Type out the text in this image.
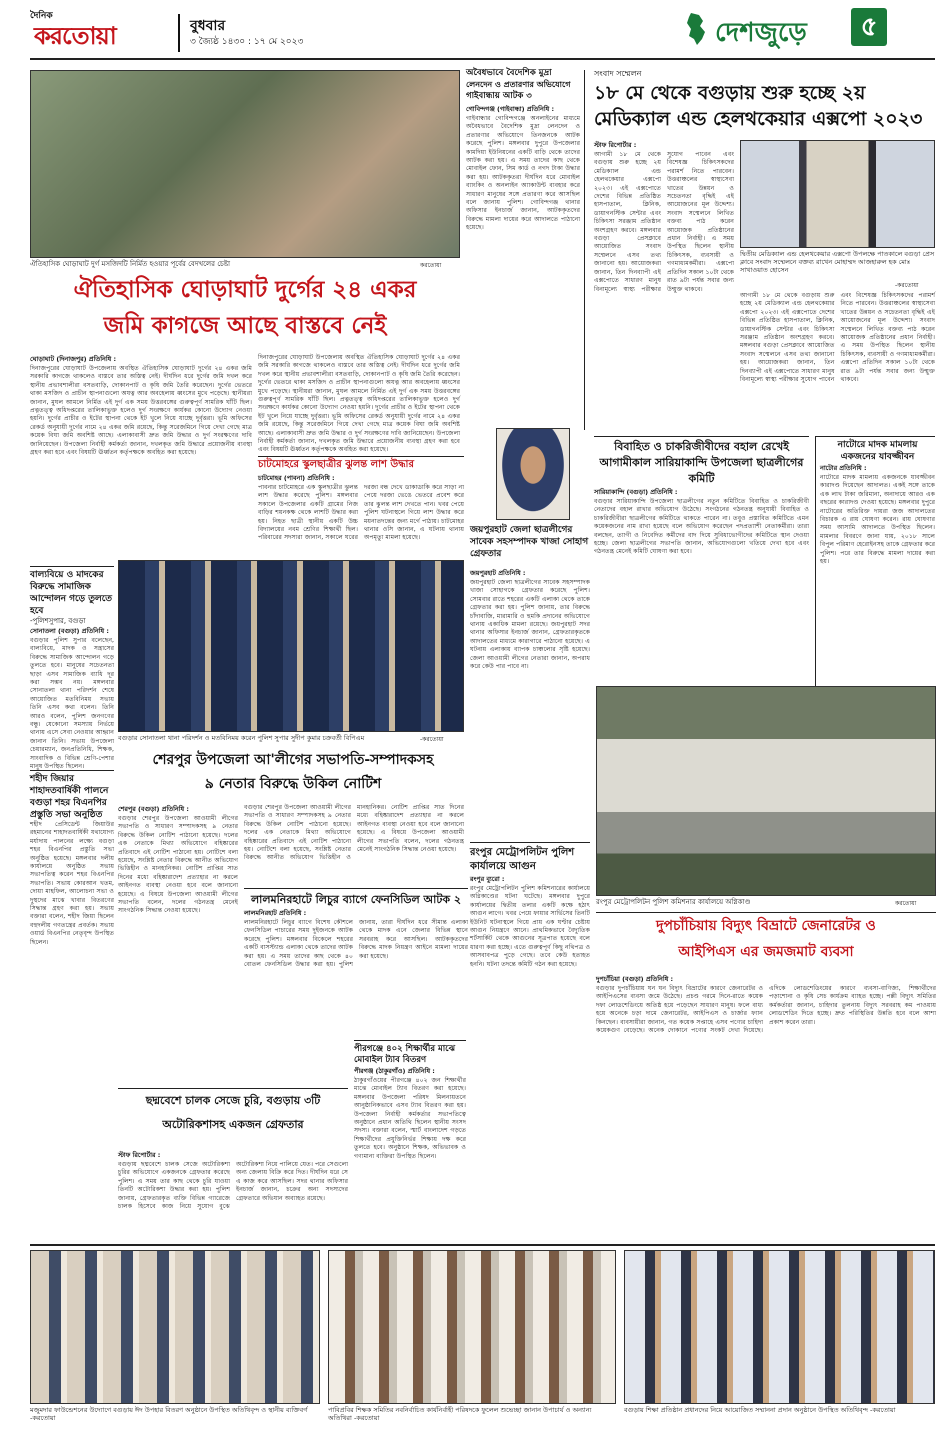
দৈনিক
করতোয়া	বুধবার
৩ জ্যৈষ্ঠ ১৪৩০ : ১৭ মে ২০২৩	দেশজুড়ে	৫
ঐতিহাসিক ঘোড়াঘাট দুর্গ মসজিদটি নির্মিত হওয়ার পূর্বের বেদখলের চেষ্টা	করতোয়া
অবৈধভাবে বৈদেশিক মুদ্রা
লেনদেন ও প্রতারণার অভিযোগে
গাইবান্ধায় আটক ৩
গোবিন্দগঞ্জ (গাইবান্ধা) প্রতিনিধি :
গাইবান্ধার গোবিন্দগঞ্জে অনলাইনের মাধ্যমে অবৈধভাবে বৈদেশিক মুদ্রা লেনদেন ও প্রতারণার অভিযোগে তিনজনকে আটক করেছে পুলিশ। মঙ্গলবার দুপুরে উপজেলার কামদিয়া ইউনিয়নের একটি বাড়ি থেকে তাদের আটক করা হয়। এ সময় তাদের কাছ থেকে মোবাইল ফোন, সিম কার্ড ও নগদ টাকা উদ্ধার করা হয়। আটককৃতরা দীর্ঘদিন ধরে মোবাইল ব্যাংকিং ও অনলাইন অ্যাকাউন্ট ব্যবহার করে সাধারণ মানুষের সঙ্গে প্রতারণা করে আসছিল বলে জানায় পুলিশ। গোবিন্দগঞ্জ থানার অফিসার ইনচার্জ জানান, আটককৃতদের বিরুদ্ধে মামলা দায়ের করে আদালতে পাঠানো হয়েছে।
সংবাদ সম্মেলন
১৮ মে থেকে বগুড়ায় শুরু হচ্ছে ২য় মেডিক্যাল এন্ড হেলথকেয়ার এক্সপো ২০২৩
দ্বিতীয় মেডিক্যাল এন্ড হেলথকেয়ার এক্সপো উপলক্ষে পাতকালে বগুড়া প্রেস ক্লাবে সংবাদ সম্মেলনে বক্তব্য রাখেন মোহাম্মদ আজহারুল হক মোঃ সাখাওয়াত হোসেন
-করতোয়া
স্টাফ রিপোর্টার :
আগামী ১৮ মে থেকে বগুড়ায় শুরু হচ্ছে ২য় মেডিক্যাল এন্ড হেলথকেয়ার এক্সপো ২০২৩। এই এক্সপোতে দেশের বিভিন্ন প্রতিষ্ঠিত হাসপাতাল, ক্লিনিক, ডায়াগনস্টিক সেন্টার এবং চিকিৎসা সরঞ্জাম প্রতিষ্ঠান অংশগ্রহণ করবে। মঙ্গলবার বগুড়া প্রেসক্লাবে আয়োজিত সংবাদ সম্মেলনে এসব তথ্য জানানো হয়। আয়োজকরা জানান, তিন দিনব্যাপী এই এক্সপোতে সাধারণ মানুষ বিনামূল্যে স্বাস্থ্য পরীক্ষার সুযোগ পাবেন এবং বিশেষজ্ঞ চিকিৎসকদের পরামর্শ নিতে পারবেন। উত্তরাঞ্চলের স্বাস্থ্যসেবা খাতের উন্নয়ন ও সচেতনতা বৃদ্ধিই এই আয়োজনের মূল উদ্দেশ্য। সংবাদ সম্মেলনে লিখিত বক্তব্য পাঠ করেন আয়োজক প্রতিষ্ঠানের প্রধান নির্বাহী। এ সময় উপস্থিত ছিলেন স্থানীয় চিকিৎসক, ব্যবসায়ী ও গণমাধ্যমকর্মীরা। এক্সপো প্রতিদিন সকাল ১০টা থেকে রাত ৯টা পর্যন্ত সবার জন্য উন্মুক্ত থাকবে।
আগামী ১৮ মে থেকে বগুড়ায় শুরু হচ্ছে ২য় মেডিক্যাল এন্ড হেলথকেয়ার এক্সপো ২০২৩। এই এক্সপোতে দেশের বিভিন্ন প্রতিষ্ঠিত হাসপাতাল, ক্লিনিক, ডায়াগনস্টিক সেন্টার এবং চিকিৎসা সরঞ্জাম প্রতিষ্ঠান অংশগ্রহণ করবে। মঙ্গলবার বগুড়া প্রেসক্লাবে আয়োজিত সংবাদ সম্মেলনে এসব তথ্য জানানো হয়। আয়োজকরা জানান, তিন দিনব্যাপী এই এক্সপোতে সাধারণ মানুষ বিনামূল্যে স্বাস্থ্য পরীক্ষার সুযোগ পাবেন এবং বিশেষজ্ঞ চিকিৎসকদের পরামর্শ নিতে পারবেন। উত্তরাঞ্চলের স্বাস্থ্যসেবা খাতের উন্নয়ন ও সচেতনতা বৃদ্ধিই এই আয়োজনের মূল উদ্দেশ্য। সংবাদ সম্মেলনে লিখিত বক্তব্য পাঠ করেন আয়োজক প্রতিষ্ঠানের প্রধান নির্বাহী। এ সময় উপস্থিত ছিলেন স্থানীয় চিকিৎসক, ব্যবসায়ী ও গণমাধ্যমকর্মীরা। এক্সপো প্রতিদিন সকাল ১০টা থেকে রাত ৯টা পর্যন্ত সবার জন্য উন্মুক্ত থাকবে।
ঐতিহাসিক ঘোড়াঘাট দুর্গের ২৪ একর
জমি কাগজে আছে বাস্তবে নেই
ঘোড়াঘাট (দিনাজপুর) প্রতিনিধি :
দিনাজপুরের ঘোড়াঘাট উপজেলায় অবস্থিত ঐতিহাসিক ঘোড়াঘাট দুর্গের ২৪ একর জমি সরকারি কাগজে থাকলেও বাস্তবে তার অস্তিত্ব নেই। দীর্ঘদিন ধরে দুর্গের জমি দখল করে স্থানীয় প্রভাবশালীরা বসতবাড়ি, দোকানপাট ও কৃষি জমি তৈরি করেছেন। দুর্গের ভেতরে থাকা মসজিদ ও প্রাচীন স্থাপনাগুলো অযত্ন আর অবহেলায় ধ্বংসের মুখে পড়েছে। স্থানীয়রা জানান, মুঘল আমলে নির্মিত এই দুর্গ এক সময় উত্তরবঙ্গের গুরুত্বপূর্ণ সামরিক ঘাঁটি ছিল। প্রত্নতত্ত্ব অধিদপ্তরের তালিকাভুক্ত হলেও দুর্গ সংরক্ষণে কার্যকর কোনো উদ্যোগ নেওয়া হয়নি। দুর্গের প্রাচীর ও ইটের স্থাপনা থেকে ইট খুলে নিয়ে যাচ্ছে দুর্বৃত্তরা। ভূমি অফিসের রেকর্ড অনুযায়ী দুর্গের নামে ২৪ একর জমি রয়েছে, কিন্তু সরেজমিনে গিয়ে দেখা গেছে মাত্র কয়েক বিঘা জমি অবশিষ্ট আছে। এলাকাবাসী দ্রুত জমি উদ্ধার ও দুর্গ সংরক্ষণের দাবি জানিয়েছেন। উপজেলা নির্বাহী কর্মকর্তা জানান, দখলকৃত জমি উদ্ধারে প্রয়োজনীয় ব্যবস্থা গ্রহণ করা হবে এবং বিষয়টি ঊর্ধ্বতন কর্তৃপক্ষকে অবহিত করা হয়েছে।
দিনাজপুরের ঘোড়াঘাট উপজেলায় অবস্থিত ঐতিহাসিক ঘোড়াঘাট দুর্গের ২৪ একর জমি সরকারি কাগজে থাকলেও বাস্তবে তার অস্তিত্ব নেই। দীর্ঘদিন ধরে দুর্গের জমি দখল করে স্থানীয় প্রভাবশালীরা বসতবাড়ি, দোকানপাট ও কৃষি জমি তৈরি করেছেন। দুর্গের ভেতরে থাকা মসজিদ ও প্রাচীন স্থাপনাগুলো অযত্ন আর অবহেলায় ধ্বংসের মুখে পড়েছে। স্থানীয়রা জানান, মুঘল আমলে নির্মিত এই দুর্গ এক সময় উত্তরবঙ্গের গুরুত্বপূর্ণ সামরিক ঘাঁটি ছিল। প্রত্নতত্ত্ব অধিদপ্তরের তালিকাভুক্ত হলেও দুর্গ সংরক্ষণে কার্যকর কোনো উদ্যোগ নেওয়া হয়নি। দুর্গের প্রাচীর ও ইটের স্থাপনা থেকে ইট খুলে নিয়ে যাচ্ছে দুর্বৃত্তরা। ভূমি অফিসের রেকর্ড অনুযায়ী দুর্গের নামে ২৪ একর জমি রয়েছে, কিন্তু সরেজমিনে গিয়ে দেখা গেছে মাত্র কয়েক বিঘা জমি অবশিষ্ট আছে। এলাকাবাসী দ্রুত জমি উদ্ধার ও দুর্গ সংরক্ষণের দাবি জানিয়েছেন। উপজেলা নির্বাহী কর্মকর্তা জানান, দখলকৃত জমি উদ্ধারে প্রয়োজনীয় ব্যবস্থা গ্রহণ করা হবে এবং বিষয়টি ঊর্ধ্বতন কর্তৃপক্ষকে অবহিত করা হয়েছে।
চাটমোহরে স্কুলছাত্রীর ঝুলন্ত লাশ উদ্ধার
চাটমোহর (পাবনা) প্রতিনিধি :
পাবনার চাটমোহরে এক স্কুলছাত্রীর ঝুলন্ত লাশ উদ্ধার করেছে পুলিশ। মঙ্গলবার সকালে উপজেলার একটি গ্রামের নিজ বাড়ির শয়নকক্ষ থেকে লাশটি উদ্ধার করা হয়। নিহত ছাত্রী স্থানীয় একটি উচ্চ বিদ্যালয়ের নবম শ্রেণির শিক্ষার্থী ছিল। পরিবারের সদস্যরা জানান, সকালে ঘরের দরজা বন্ধ দেখে ডাকাডাকি করে সাড়া না পেয়ে দরজা ভেঙে ভেতরে প্রবেশ করে তার ঝুলন্ত লাশ দেখতে পান। খবর পেয়ে পুলিশ ঘটনাস্থলে গিয়ে লাশ উদ্ধার করে ময়নাতদন্তের জন্য মর্গে পাঠায়। চাটমোহর থানার ওসি জানান, এ ঘটনায় থানায় অপমৃত্যু মামলা হয়েছে।
জয়পুরহাট জেলা ছাত্রলীগের সাবেক সহসম্পাদক খাজা সোহাগ গ্রেফতার
জয়পুরহাট প্রতিনিধি :
জয়পুরহাট জেলা ছাত্রলীগের সাবেক সহসম্পাদক খাজা সোহাগকে গ্রেফতার করেছে পুলিশ। সোমবার রাতে শহরের একটি এলাকা থেকে তাকে গ্রেফতার করা হয়। পুলিশ জানায়, তার বিরুদ্ধে চাঁদাবাজি, মারামারি ও হুমকি প্রদানের অভিযোগে থানায় একাধিক মামলা রয়েছে। জয়পুরহাট সদর থানার অফিসার ইনচার্জ জানান, গ্রেফতারকৃতকে আদালতের মাধ্যমে কারাগারে পাঠানো হয়েছে। এ ঘটনায় এলাকায় ব্যাপক চাঞ্চল্যের সৃষ্টি হয়েছে। জেলা আওয়ামী লীগের নেতারা জানান, অপরাধ করে কেউ পার পাবে না।
বিবাহিত ও চাকরিজীবীদের বহাল রেখেই আগামীকাল সারিয়াকান্দি উপজেলা ছাত্রলীগের কমিটি
সারিয়াকান্দি (বগুড়া) প্রতিনিধি :
বগুড়ার সারিয়াকান্দি উপজেলা ছাত্রলীগের নতুন কমিটিতে বিবাহিত ও চাকরিজীবী নেতাদের বহাল রাখার অভিযোগ উঠেছে। সংগঠনের গঠনতন্ত্র অনুযায়ী বিবাহিত ও চাকরিজীবীরা ছাত্রলীগের কমিটিতে থাকতে পারেন না। তবুও প্রস্তাবিত কমিটিতে এমন কয়েকজনের নাম রাখা হয়েছে বলে অভিযোগ করেছেন পদপ্রত্যাশী নেতাকর্মীরা। তারা বলছেন, ত্যাগী ও নিবেদিত কর্মীদের বাদ দিয়ে সুবিধাভোগীদের কমিটিতে স্থান দেওয়া হচ্ছে। জেলা ছাত্রলীগের সভাপতি জানান, অভিযোগগুলো খতিয়ে দেখা হবে এবং গঠনতন্ত্র মেনেই কমিটি ঘোষণা করা হবে।
নাটোরে মাদক মামলায় একজনের যাবজ্জীবন
নাটোর প্রতিনিধি :
নাটোরে মাদক মামলায় একজনকে যাবজ্জীবন কারাদণ্ড দিয়েছেন আদালত। একই সঙ্গে তাকে এক লাখ টাকা জরিমানা, অনাদায়ে আরও এক বছরের কারাদণ্ড দেওয়া হয়েছে। মঙ্গলবার দুপুরে নাটোরের অতিরিক্ত দায়রা জজ আদালতের বিচারক এ রায় ঘোষণা করেন। রায় ঘোষণার সময় আসামি আদালতে উপস্থিত ছিলেন। মামলার বিবরণে জানা যায়, ২০১৮ সালে বিপুল পরিমাণ হেরোইনসহ তাকে গ্রেফতার করে পুলিশ। পরে তার বিরুদ্ধে মামলা দায়ের করা হয়।
বাল্যবিয়ে ও মাদকের বিরুদ্ধে সামাজিক আন্দোলন গড়ে তুলতে হবে
-পুলিশসুপার, বগুড়া
সোনাতলা (বগুড়া) প্রতিনিধি :
বগুড়ার পুলিশ সুপার বলেছেন, বাল্যবিয়ে, মাদক ও সন্ত্রাসের বিরুদ্ধে সামাজিক আন্দোলন গড়ে তুলতে হবে। মানুষের সচেতনতা ছাড়া এসব সামাজিক ব্যাধি দূর করা সম্ভব নয়। মঙ্গলবার সোনাতলা থানা পরিদর্শন শেষে আয়োজিত মতবিনিময় সভায় তিনি এসব কথা বলেন। তিনি আরও বলেন, পুলিশ জনগণের বন্ধু। যেকোনো সমস্যায় নির্ভয়ে থানায় এসে সেবা নেওয়ার আহ্বান জানান তিনি। সভায় উপজেলা চেয়ারম্যান, জনপ্রতিনিধি, শিক্ষক, সাংবাদিক ও বিভিন্ন শ্রেণি-পেশার মানুষ উপস্থিত ছিলেন।
বগুড়ার সোনাতলা থানা পরিদর্শন ও মতবিনিময় করেন পুলিশ সুপার সুদীপ কুমার চক্রবর্তী বিপিএম	-করতোয়া
শেরপুর উপজেলা আ'লীগের সভাপতি-সম্পাদকসহ
৯ নেতার বিরুদ্ধে উকিল নোটিশ
শেরপুর (বগুড়া) প্রতিনিধি :
বগুড়ার শেরপুর উপজেলা আওয়ামী লীগের সভাপতি ও সাধারণ সম্পাদকসহ ৯ নেতার বিরুদ্ধে উকিল নোটিশ পাঠানো হয়েছে। দলের এক নেতাকে মিথ্যা অভিযোগে বহিষ্কারের প্রতিবাদে এই নোটিশ পাঠানো হয়। নোটিশে বলা হয়েছে, সংশ্লিষ্ট নেতার বিরুদ্ধে আনীত অভিযোগ ভিত্তিহীন ও মানহানিকর। নোটিশ প্রাপ্তির সাত দিনের মধ্যে বহিষ্কারাদেশ প্রত্যাহার না করলে আইনগত ব্যবস্থা নেওয়া হবে বলে জানানো হয়েছে। এ বিষয়ে উপজেলা আওয়ামী লীগের সভাপতি বলেন, দলের গঠনতন্ত্র মেনেই সাংগঠনিক সিদ্ধান্ত নেওয়া হয়েছে।
বগুড়ার শেরপুর উপজেলা আওয়ামী লীগের সভাপতি ও সাধারণ সম্পাদকসহ ৯ নেতার বিরুদ্ধে উকিল নোটিশ পাঠানো হয়েছে। দলের এক নেতাকে মিথ্যা অভিযোগে বহিষ্কারের প্রতিবাদে এই নোটিশ পাঠানো হয়। নোটিশে বলা হয়েছে, সংশ্লিষ্ট নেতার বিরুদ্ধে আনীত অভিযোগ ভিত্তিহীন ও মানহানিকর। নোটিশ প্রাপ্তির সাত দিনের মধ্যে বহিষ্কারাদেশ প্রত্যাহার না করলে আইনগত ব্যবস্থা নেওয়া হবে বলে জানানো হয়েছে। এ বিষয়ে উপজেলা আওয়ামী লীগের সভাপতি বলেন, দলের গঠনতন্ত্র মেনেই সাংগঠনিক সিদ্ধান্ত নেওয়া হয়েছে।
লালমনিরহাটে লিচুর ব্যাগে ফেনসিডিল আটক ২
লালমনিরহাট প্রতিনিধি :
লালমনিরহাটে লিচুর ব্যাগে বিশেষ কৌশলে ফেনসিডিল পাচারের সময় দুইজনকে আটক করেছে পুলিশ। মঙ্গলবার বিকেলে শহরের একটি বাসস্ট্যান্ড এলাকা থেকে তাদের আটক করা হয়। এ সময় তাদের কাছ থেকে ৪০ বোতল ফেনসিডিল উদ্ধার করা হয়। পুলিশ জানায়, তারা দীর্ঘদিন ধরে সীমান্ত এলাকা থেকে মাদক এনে জেলার বিভিন্ন স্থানে সরবরাহ করে আসছিল। আটককৃতদের বিরুদ্ধে মাদক নিয়ন্ত্রণ আইনে মামলা দায়ের করা হয়েছে।
শহীদ জিয়ার শাহাদতবার্ষিকী পালনে বগুড়া শহর বিএনপির প্রস্তুতি সভা অনুষ্ঠিত
শহীদ প্রেসিডেন্ট জিয়াউর রহমানের শাহাদতবার্ষিকী যথাযোগ্য মর্যাদায় পালনের লক্ষ্যে বগুড়া শহর বিএনপির প্রস্তুতি সভা অনুষ্ঠিত হয়েছে। মঙ্গলবার দলীয় কার্যালয়ে অনুষ্ঠিত সভায় সভাপতিত্ব করেন শহর বিএনপির সভাপতি। সভায় কোরআন খতম, দোয়া মাহফিল, আলোচনা সভা ও দুস্থদের মাঝে খাবার বিতরণের সিদ্ধান্ত গ্রহণ করা হয়। সভায় বক্তারা বলেন, শহীদ জিয়া ছিলেন বহুদলীয় গণতন্ত্রের প্রবর্তক। সভায় ওয়ার্ড বিএনপির নেতৃবৃন্দ উপস্থিত ছিলেন।
রংপুর মেট্রোপলিটন পুলিশ কার্যালয়ে আগুন
রংপুর ব্যুরো :
রংপুর মেট্রোপলিটন পুলিশ কমিশনারের কার্যালয়ে অগ্নিকাণ্ডের ঘটনা ঘটেছে। মঙ্গলবার দুপুরে কার্যালয়ের দ্বিতীয় তলার একটি কক্ষে হঠাৎ আগুন লাগে। খবর পেয়ে ফায়ার সার্ভিসের তিনটি ইউনিট ঘটনাস্থলে গিয়ে প্রায় এক ঘণ্টার চেষ্টায় আগুন নিয়ন্ত্রণে আনে। প্রাথমিকভাবে বৈদ্যুতিক শর্টসার্কিট থেকে আগুনের সূত্রপাত হয়েছে বলে ধারণা করা হচ্ছে। এতে গুরুত্বপূর্ণ কিছু নথিপত্র ও আসবাবপত্র পুড়ে গেছে। তবে কেউ হতাহত হননি। ঘটনা তদন্তে কমিটি গঠন করা হয়েছে।
রংপুর মেট্রোপলিটন পুলিশ কমিশনার কার্যালয়ে অগ্নিকাণ্ড	করতোয়া
দুপচাঁচিয়ায় বিদ্যুৎ বিভ্রাটে জেনারেটর ও
আইপিএস এর জমজমাট ব্যবসা
দুপচাঁচিয়া (বগুড়া) প্রতিনিধি :
বগুড়ার দুপচাঁচিয়ায় ঘন ঘন বিদ্যুৎ বিভ্রাটের কারণে জেনারেটর ও আইপিএসের ব্যবসা জমে উঠেছে। প্রচণ্ড গরমে দিনে-রাতে কয়েক দফা লোডশেডিংয়ে অতিষ্ঠ হয়ে পড়েছেন সাধারণ মানুষ। ফলে বাধ্য হয়ে অনেকে চড়া দামে জেনারেটর, আইপিএস ও চার্জার ফ্যান কিনছেন। ব্যবসায়ীরা জানান, গত কয়েক সপ্তাহে এসব পণ্যের চাহিদা কয়েকগুণ বেড়েছে। অনেক দোকানে পণ্যের সংকট দেখা দিয়েছে। এদিকে লোডশেডিংয়ের কারণে ব্যবসা-বাণিজ্য, শিক্ষার্থীদের পড়াশোনা ও কৃষি সেচ কার্যক্রম ব্যাহত হচ্ছে। পল্লী বিদ্যুৎ সমিতির কর্মকর্তারা জানান, চাহিদার তুলনায় বিদ্যুৎ সরবরাহ কম পাওয়ায় লোডশেডিং দিতে হচ্ছে। দ্রুত পরিস্থিতির উন্নতি হবে বলে আশা প্রকাশ করেন তারা।
ছদ্মবেশে চালক সেজে চুরি, বগুড়ায় ৩টি
অটোরিকশাসহ একজন গ্রেফতার
স্টাফ রিপোর্টার :
বগুড়ায় ছদ্মবেশে চালক সেজে অটোরিকশা চুরির অভিযোগে একজনকে গ্রেফতার করেছে পুলিশ। এ সময় তার কাছ থেকে চুরি যাওয়া তিনটি অটোরিকশা উদ্ধার করা হয়। পুলিশ জানায়, গ্রেফতারকৃত ব্যক্তি বিভিন্ন গ্যারেজে চালক হিসেবে কাজ নিয়ে সুযোগ বুঝে অটোরিকশা নিয়ে পালিয়ে যেত। পরে সেগুলো অন্য জেলায় বিক্রি করে দিত। দীর্ঘদিন ধরে সে এ কাজ করে আসছিল। সদর থানার অফিসার ইনচার্জ জানান, চক্রের অন্য সদস্যদের গ্রেফতারে অভিযান অব্যাহত রয়েছে।
পীরগঞ্জে ৪০২ শিক্ষার্থীর মাঝে মোবাইল ট্যাব বিতরণ
পীরগঞ্জ (ঠাকুরগাঁও) প্রতিনিধি :
ঠাকুরগাঁওয়ের পীরগঞ্জে ৪০২ জন শিক্ষার্থীর মাঝে মোবাইল ট্যাব বিতরণ করা হয়েছে। মঙ্গলবার উপজেলা পরিষদ মিলনায়তনে আনুষ্ঠানিকভাবে এসব ট্যাব বিতরণ করা হয়। উপজেলা নির্বাহী কর্মকর্তার সভাপতিত্বে অনুষ্ঠানে প্রধান অতিথি ছিলেন স্থানীয় সংসদ সদস্য। বক্তারা বলেন, স্মার্ট বাংলাদেশ গড়তে শিক্ষার্থীদের প্রযুক্তিনির্ভর শিক্ষায় দক্ষ করে তুলতে হবে। অনুষ্ঠানে শিক্ষক, অভিভাবক ও গণ্যমান্য ব্যক্তিরা উপস্থিত ছিলেন।
মজুমদার ফাউন্ডেশনের উদ্যোগে বগুড়ায় ঈদ উপহার বিতরণ অনুষ্ঠানে উপস্থিত অতিথিবৃন্দ ও স্থানীয় ব্যক্তিবর্গ -করতোয়া
পাবিপ্রবির শিক্ষক সমিতির নবনির্বাচিত কার্যনির্বাহী পরিষদকে ফুলেল শুভেচ্ছা জানান উপাচার্য ও অন্যান্য অতিথিরা -করতোয়া
বগুড়ায় শিক্ষা প্রতিষ্ঠান প্রধানদের নিয়ে আয়োজিত সম্মাননা প্রদান অনুষ্ঠানে উপস্থিত অতিথিবৃন্দ -করতোয়া
